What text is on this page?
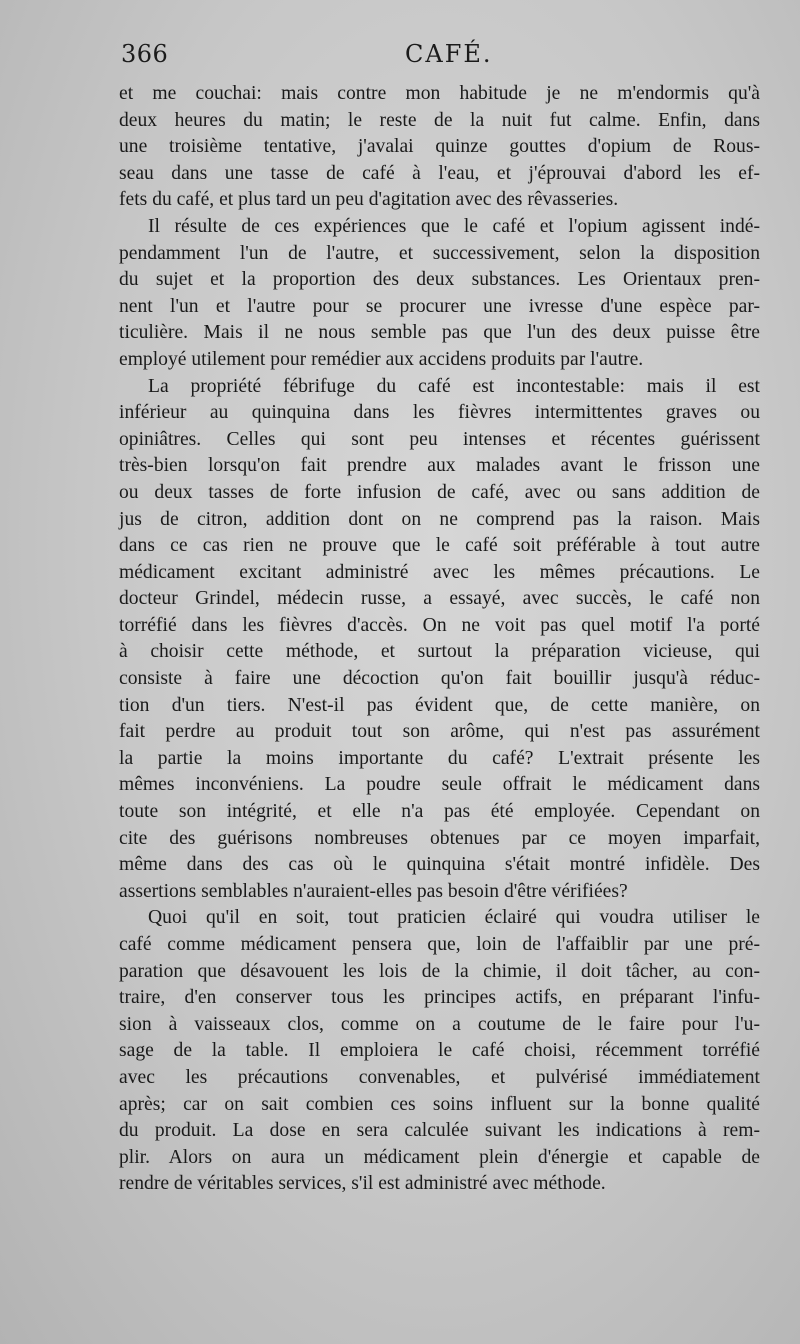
366	CAFÉ.
et me couchai: mais contre mon habitude je ne m'endormis qu'à
deux heures du matin; le reste de la nuit fut calme. Enfin, dans
une troisième tentative, j'avalai quinze gouttes d'opium de Rous-
seau dans une tasse de café à l'eau, et j'éprouvai d'abord les ef-
fets du café, et plus tard un peu d'agitation avec des rêvasseries.
Il résulte de ces expériences que le café et l'opium agissent indé-
pendamment l'un de l'autre, et successivement, selon la disposition
du sujet et la proportion des deux substances. Les Orientaux pren-
nent l'un et l'autre pour se procurer une ivresse d'une espèce par-
ticulière. Mais il ne nous semble pas que l'un des deux puisse être
employé utilement pour remédier aux accidens produits par l'autre.
La propriété fébrifuge du café est incontestable: mais il est
inférieur au quinquina dans les fièvres intermittentes graves ou
opiniâtres. Celles qui sont peu intenses et récentes guérissent
très-bien lorsqu'on fait prendre aux malades avant le frisson une
ou deux tasses de forte infusion de café, avec ou sans addition de
jus de citron, addition dont on ne comprend pas la raison. Mais
dans ce cas rien ne prouve que le café soit préférable à tout autre
médicament excitant administré avec les mêmes précautions. Le
docteur Grindel, médecin russe, a essayé, avec succès, le café non
torréfié dans les fièvres d'accès. On ne voit pas quel motif l'a porté
à choisir cette méthode, et surtout la préparation vicieuse, qui
consiste à faire une décoction qu'on fait bouillir jusqu'à réduc-
tion d'un tiers. N'est-il pas évident que, de cette manière, on
fait perdre au produit tout son arôme, qui n'est pas assurément
la partie la moins importante du café? L'extrait présente les
mêmes inconvéniens. La poudre seule offrait le médicament dans
toute son intégrité, et elle n'a pas été employée. Cependant on
cite des guérisons nombreuses obtenues par ce moyen imparfait,
même dans des cas où le quinquina s'était montré infidèle. Des
assertions semblables n'auraient-elles pas besoin d'être vérifiées?
Quoi qu'il en soit, tout praticien éclairé qui voudra utiliser le
café comme médicament pensera que, loin de l'affaiblir par une pré-
paration que désavouent les lois de la chimie, il doit tâcher, au con-
traire, d'en conserver tous les principes actifs, en préparant l'infu-
sion à vaisseaux clos, comme on a coutume de le faire pour l'u-
sage de la table. Il emploiera le café choisi, récemment torréfié
avec les précautions convenables, et pulvérisé immédiatement
après; car on sait combien ces soins influent sur la bonne qualité
du produit. La dose en sera calculée suivant les indications à rem-
plir. Alors on aura un médicament plein d'énergie et capable de
rendre de véritables services, s'il est administré avec méthode.
